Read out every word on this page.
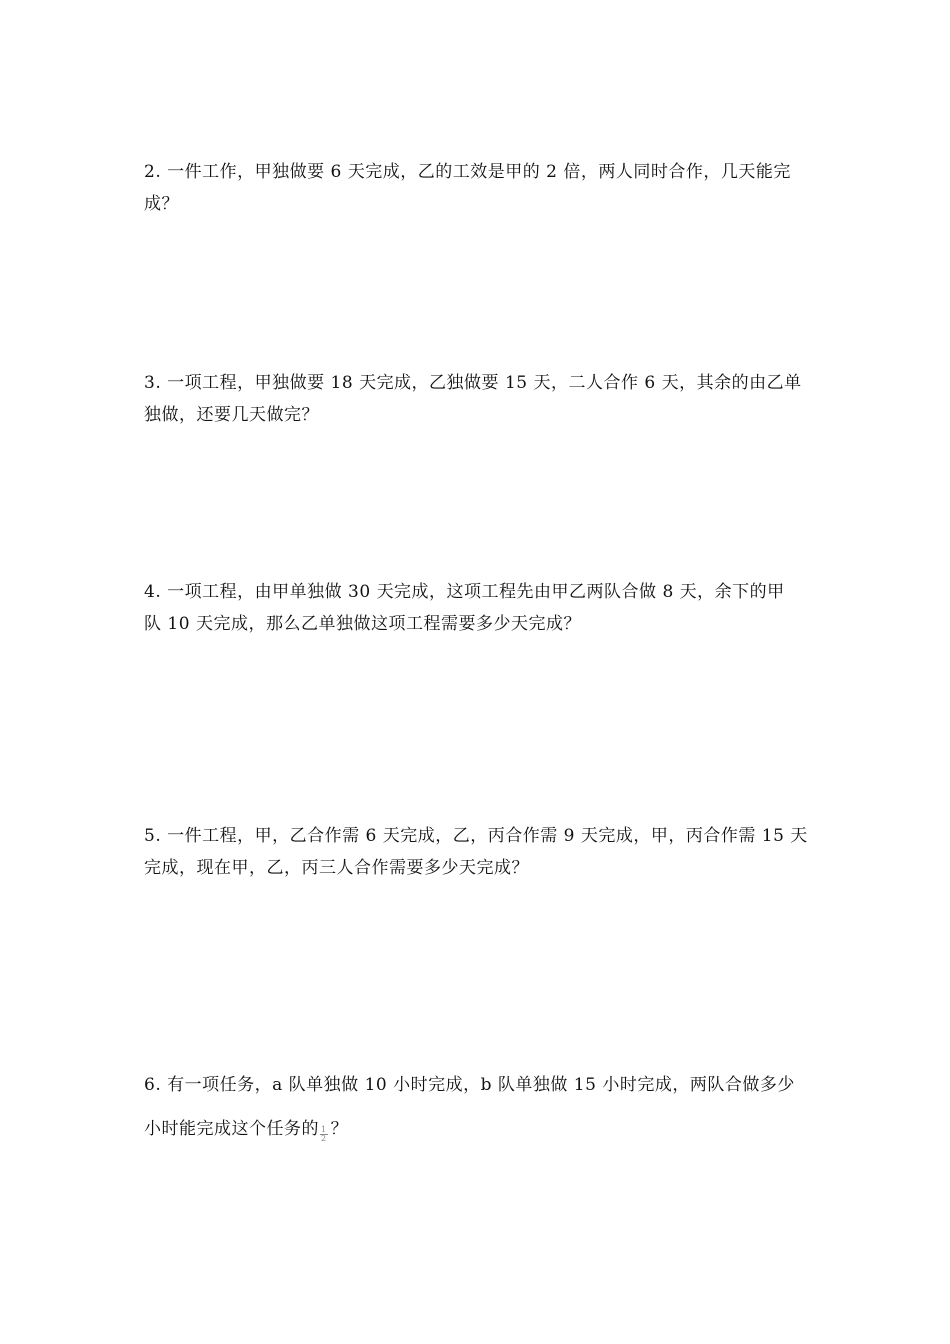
2. 一件工作，甲独做要 6 天完成，乙的工效是甲的 2 倍，两人同时合作，几天能完

成？

3. 一项工程，甲独做要 18 天完成，乙独做要 15 天，二人合作 6 天，其余的由乙单

独做，还要几天做完？

4. 一项工程，由甲单独做 30 天完成，这项工程先由甲乙两队合做 8 天，余下的甲

队 10 天完成，那么乙单独做这项工程需要多少天完成？

5. 一件工程，甲，乙合作需 6 天完成，乙，丙合作需 9 天完成，甲，丙合作需 15 天

完成，现在甲，乙，丙三人合作需要多少天完成？

6. 有一项任务，a 队单独做 10 小时完成，b 队单独做 15 小时完成，两队合做多少

小时能完成这个任务的 $\frac{1}{2}$ ？
